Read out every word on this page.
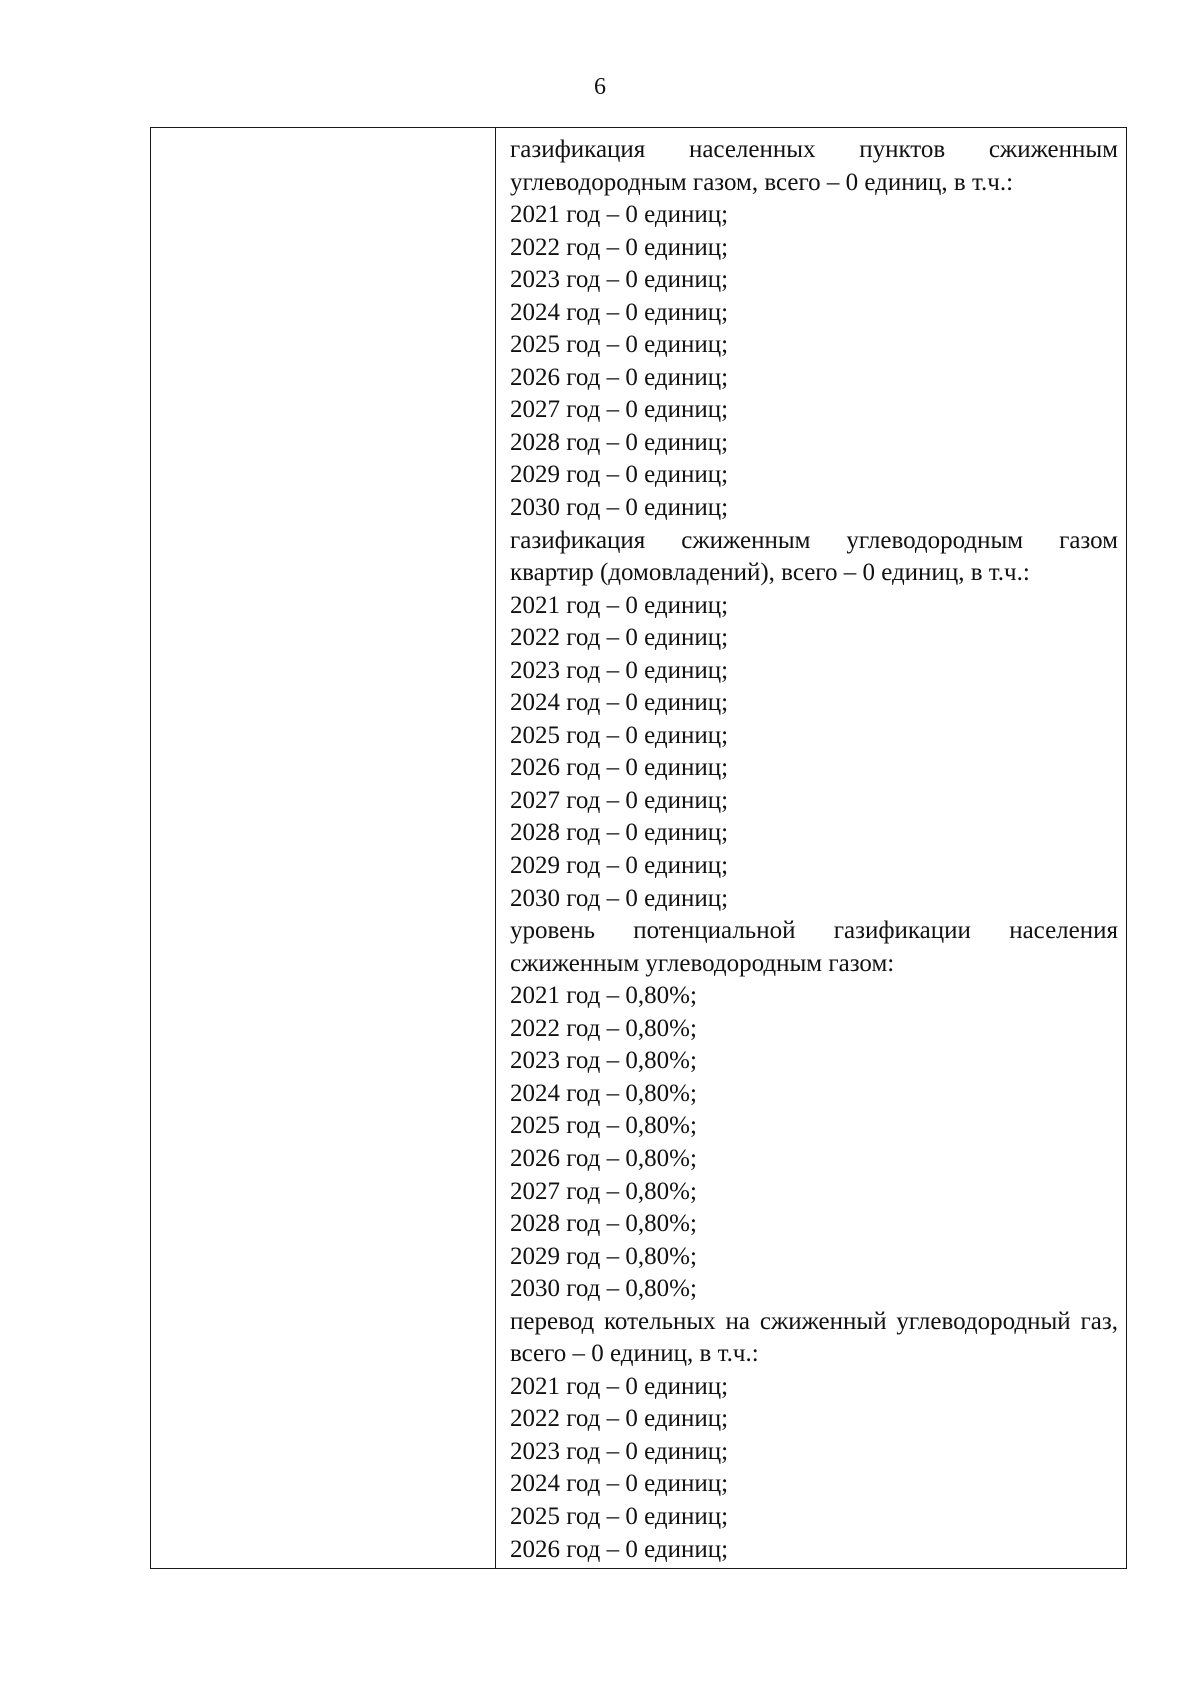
6

газификация населенных пунктов сжиженным углеводородным газом, всего – 0 единиц, в т.ч.:
2021 год – 0 единиц;
2022 год – 0 единиц;
2023 год – 0 единиц;
2024 год – 0 единиц;
2025 год – 0 единиц;
2026 год – 0 единиц;
2027 год – 0 единиц;
2028 год – 0 единиц;
2029 год – 0 единиц;
2030 год – 0 единиц;
газификация сжиженным углеводородным газом квартир (домовладений), всего – 0 единиц, в т.ч.:
2021 год – 0 единиц;
2022 год – 0 единиц;
2023 год – 0 единиц;
2024 год – 0 единиц;
2025 год – 0 единиц;
2026 год – 0 единиц;
2027 год – 0 единиц;
2028 год – 0 единиц;
2029 год – 0 единиц;
2030 год – 0 единиц;
уровень потенциальной газификации населения сжиженным углеводородным газом:
2021 год – 0,80%;
2022 год – 0,80%;
2023 год – 0,80%;
2024 год – 0,80%;
2025 год – 0,80%;
2026 год – 0,80%;
2027 год – 0,80%;
2028 год – 0,80%;
2029 год – 0,80%;
2030 год – 0,80%;
перевод котельных на сжиженный углеводородный газ, всего – 0 единиц, в т.ч.:
2021 год – 0 единиц;
2022 год – 0 единиц;
2023 год – 0 единиц;
2024 год – 0 единиц;
2025 год – 0 единиц;
2026 год – 0 единиц;
